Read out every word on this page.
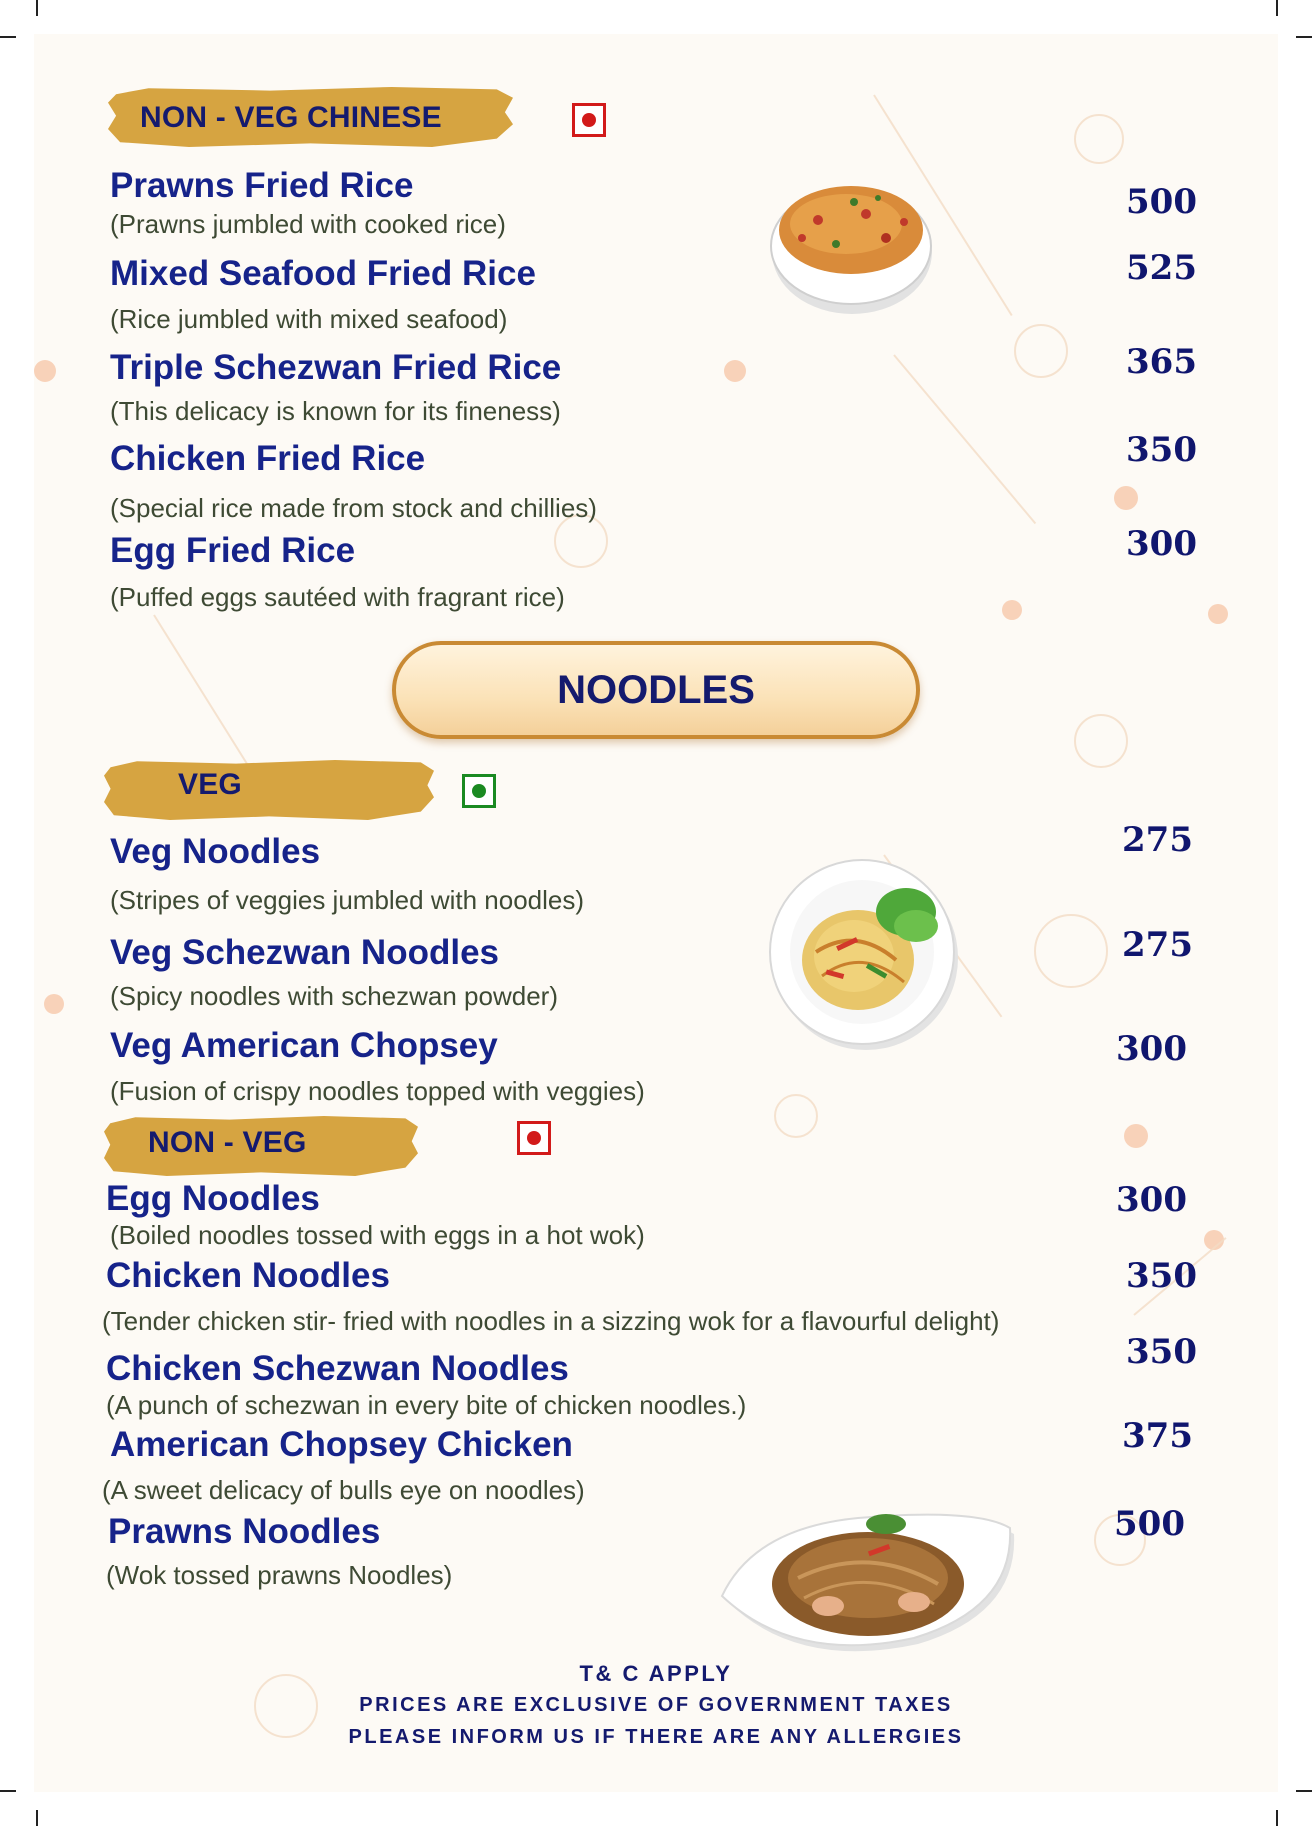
NON - VEG CHINESE
Prawns Fried Rice
(Prawns jumbled with cooked rice)
500
Mixed Seafood Fried Rice
(Rice jumbled with mixed seafood)
525
Triple Schezwan Fried Rice
(This delicacy is known for its fineness)
365
Chicken Fried Rice
(Special rice made from stock and chillies)
350
Egg Fried Rice
(Puffed eggs sautéed with fragrant rice)
300
NOODLES
VEG
Veg Noodles
(Stripes of veggies jumbled with noodles)
275
Veg Schezwan Noodles
(Spicy noodles with schezwan powder)
275
Veg American Chopsey
(Fusion of crispy noodles topped with veggies)
300
NON - VEG
Egg Noodles
(Boiled noodles tossed with eggs in a hot wok)
300
Chicken Noodles
(Tender chicken stir- fried with noodles in a sizzing wok for a flavourful delight)
350
Chicken Schezwan Noodles
(A punch of schezwan in every bite of chicken noodles.)
350
American Chopsey Chicken
(A sweet delicacy of bulls eye on noodles)
375
Prawns Noodles
(Wok tossed prawns Noodles)
500
T& C APPLY
PRICES ARE EXCLUSIVE OF GOVERNMENT TAXES
PLEASE INFORM US IF THERE ARE ANY ALLERGIES
